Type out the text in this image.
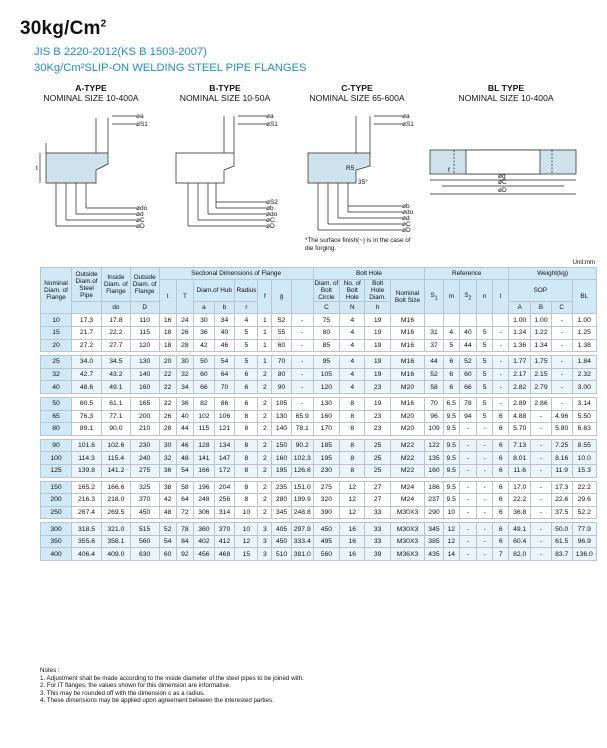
30kg/Cm$^2$
JIS B 2220-2012(KS B 1503-2007)
30Kg/Cm²SLIP-ON WELDING STEEL PIPE FLANGES
A-TYPE
NOMINAL SIZE 10-400A
B-TYPE
NOMINAL SIZE 10-50A
C-TYPE
NOMINAL SIZE 65-600A
BL TYPE
NOMINAL SIZE 10-400A
øa
øS1
ødo
ød
øC
øD
t
øa
øS1
øS2
øb
ødo
øC
øD
35°
R5
øa
øS1
øb
ødo
ød
øC
øD
f
øg
øC
øD
*The surface finish(~) is in the case of die forging.
Unit:mm
Nominal Diam. of Flange	Outside Diam.of Steel Pipe	Inside Diam. of Flange	Outside Diam. of Flange	Sectional Dimensions of Flange								Bolt Hole				Reference					Weight(kg)			
				t	T	Diam.of Hub		Radius	f	g		Diam. of Bolt Circle	No. of Bolt Hole	Bolt Hole Diam.	Nominal Bolt Size	$S_1$	m	$S_2$	n	l	SOP			BL
		do	D			a	b	r				C	N	h							A	B	C	
10	17.3	17.8	110	16	24	30	34	4	1	52	-	75	4	19	M16						1.00	1.00	-	1.00
15	21.7	22.2	115	18	26	36	40	5	1	55	-	80	4	19	M16	31	4	40	5	-	1.24	1.22	-	1.25
20	27.2	27.7	120	18	28	42	46	5	1	60	-	85	4	19	M16	37	5	44	5	-	1.36	1.34	-	1.38

25	34.0	34.5	130	20	30	50	54	5	1	70	-	95	4	19	M16	44	6	52	5	-	1.77	1.75	-	1.84
32	42.7	43.2	140	22	32	60	64	6	2	80	-	105	4	19	M16	52	6	60	5	-	2.17	2.15	-	2.32
40	48.6	49.1	160	22	34	66	70	6	2	90	-	120	4	23	M20	58	6	66	5	-	2.82	2.79	-	3.00

50	60.5	61.1	165	22	36	82	86	6	2	105	-	130	8	19	M16	70	6.5	78	5	-	2.89	2.86	-	3.14
65	76.3	77.1	200	26	40	102	106	8	2	130	65.9	160	8	23	M20	96	9.5	94	5	6	4.88	-	4.96	5.50
80	89.1	90.0	210	28	44	115	121	8	2	140	78.1	170	8	23	M20	109	9.5	-	-	6	5.70	-	5.80	6.63

90	101.6	102.6	230	30	46	128	134	8	2	150	90.2	185	8	25	M22	122	9.5	-	-	6	7.13	-	7.25	8.55
100	114.3	115.4	240	32	48	141	147	8	2	160	102.3	195	8	25	M22	135	9.5	-	-	6	8.01	-	8.16	10.0
125	139.8	141.2	275	36	54	166	172	8	2	195	126.6	230	8	25	M22	160	9.5	-	-	6	11.6	-	11.9	15.3

150	165.2	166.6	325	38	58	196	204	8	2	235	151.0	275	12	27	M24	186	9.5	-	-	6	17.0	-	17.3	22.2
200	216.3	218.0	370	42	64	248	256	8	2	280	199.9	320	12	27	M24	237	9.5	-	-	6	22.2	-	22.6	29.6
250	267.4	269.5	450	48	72	306	314	10	2	345	248.8	390	12	33	M30X3	290	10	-	-	6	36.8	-	37.5	52.2

300	318.5	321.0	515	52	78	360	370	10	3	405	297.9	450	16	33	M30X3	345	12	-	-	6	49.1	-	50.0	77.9
350	355.6	358.1	560	54	84	402	412	12	3	450	333.4	495	16	33	M30X3	385	12	-	-	6	60.4	-	61.5	96.9
400	406.4	409.0	630	60	92	456	468	15	3	510	381.0	560	16	39	M36X3	435	14	-	-	7	82.0	-	83.7	136.0
Notes :
1. Adjustment shall be made according to the inside diameter of the steel pipes to be joined with.
2. For IT flanges, the values shown for this dimension are informative.
3. This may be rounded off with the dimension c as a radius.
4. These dimensions may be applied upon agreement between the interested parties.
